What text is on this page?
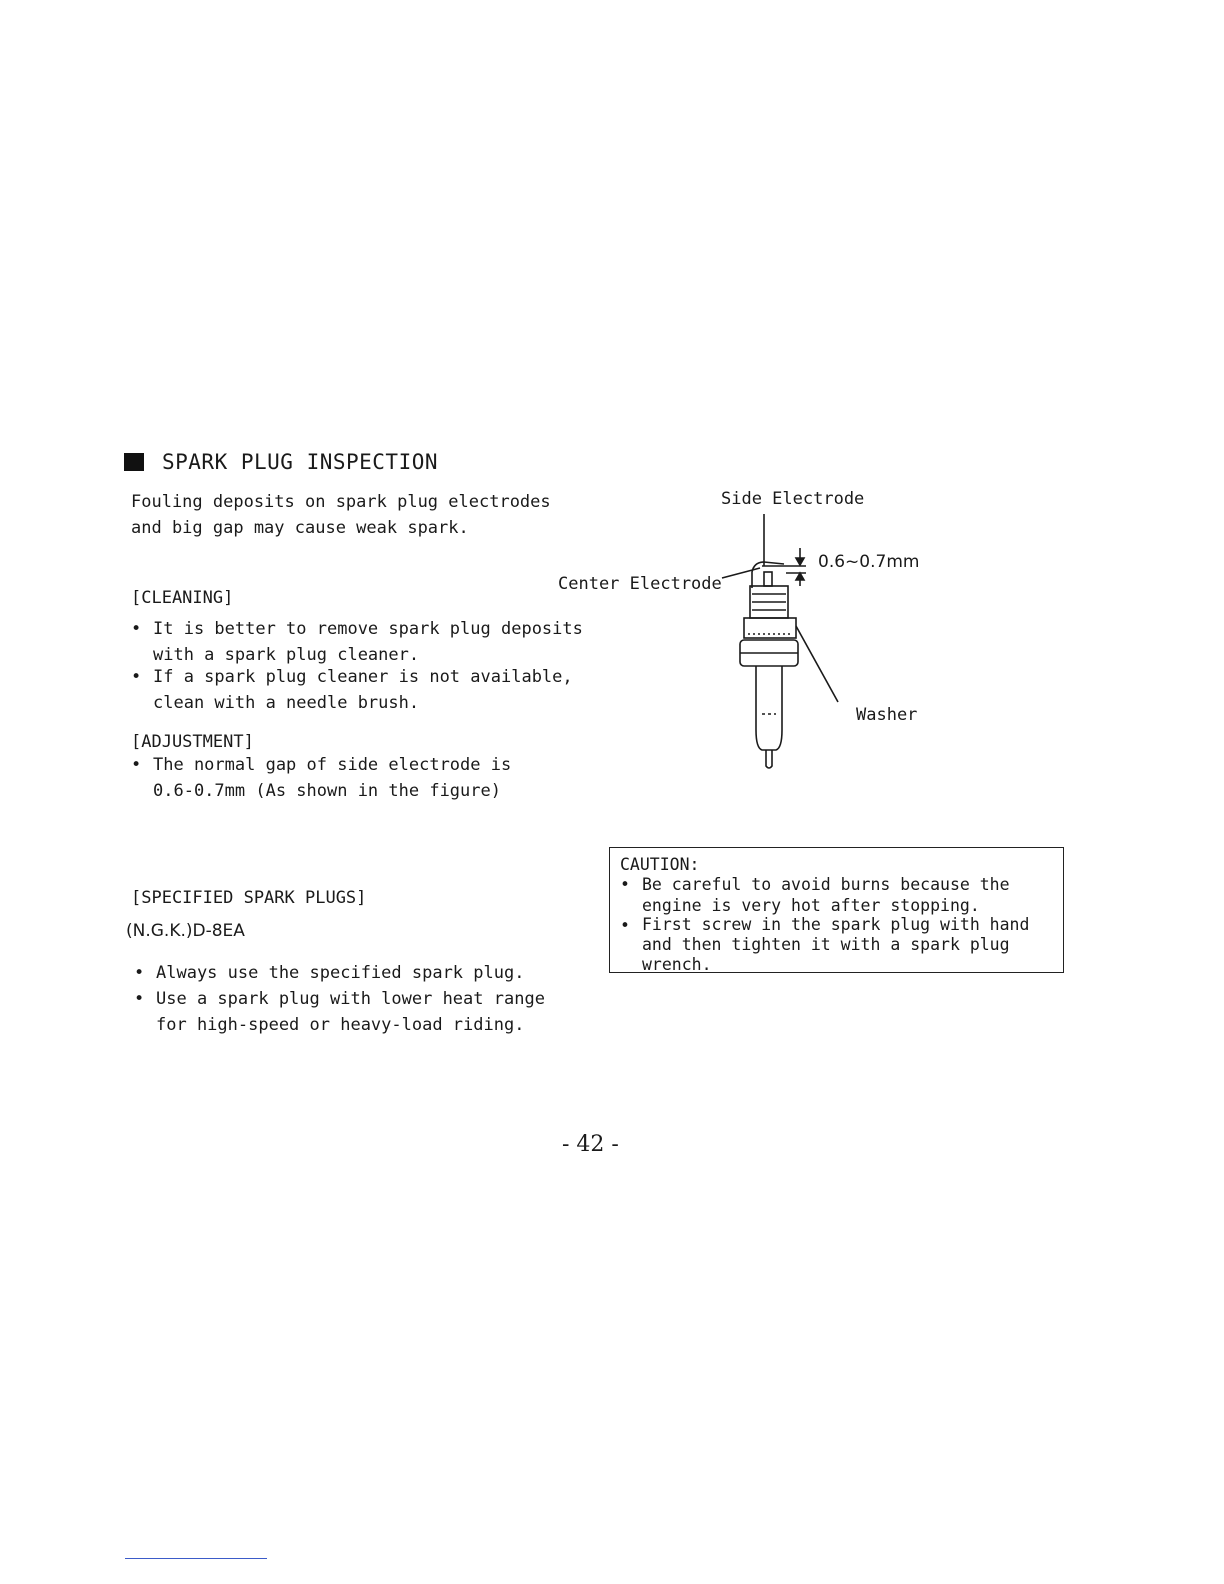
SPARK PLUG INSPECTION
Fouling deposits on spark plug electrodes
and big gap may cause weak spark.
[CLEANING]
• It is better to remove spark plug deposits
with a spark plug cleaner.
• If a spark plug cleaner is not available,
clean with a needle brush.
[ADJUSTMENT]
• The normal gap of side electrode is
0.6-0.7mm (As shown in the figure)
Side Electrode
Center Electrode
0.6~0.7mm
Washer
[SPECIFIED SPARK PLUGS]
(N.G.K.)D-8EA
• Always use the specified spark plug.
• Use a spark plug with lower heat range
for high-speed or heavy-load riding.
CAUTION:
• Be careful to avoid burns because the
engine is very hot after stopping.
• First screw in the spark plug with hand
and then tighten it with a spark plug
wrench.
- 42 -
